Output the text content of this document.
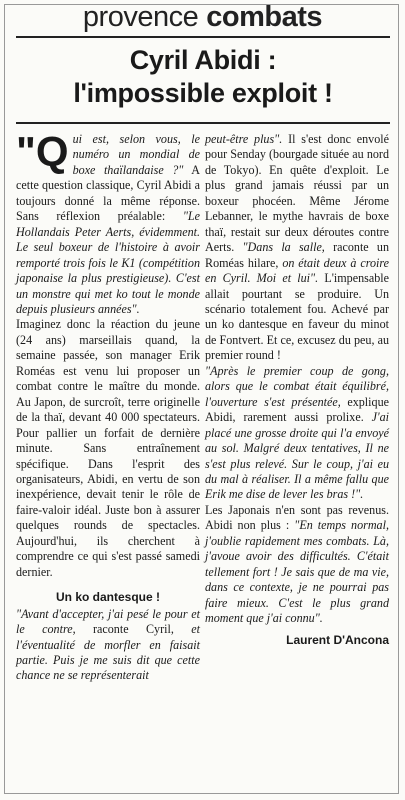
provence combats
Cyril Abidi :
l'impossible exploit !

"Qui est, selon vous, le numéro un mondial de boxe thaïlandaise ?" A cette question classique, Cyril Abidi a toujours donné la même réponse. Sans réflexion préalable: "Le Hollandais Peter Aerts, évidemment. Le seul boxeur de l'histoire à avoir remporté trois fois le K1 (compétition japonaise la plus prestigieuse). C'est un monstre qui met ko tout le monde depuis plusieurs années".

Imaginez donc la réaction du jeune (24 ans) marseillais quand, la semaine passée, son manager Erik Roméas est venu lui proposer un combat contre le maître du monde. Au Japon, de surcroît, terre originelle de la thaï, devant 40 000 spectateurs. Pour pallier un forfait de dernière minute. Sans entraînement spécifique. Dans l'esprit des organisateurs, Abidi, en vertu de son inexpérience, devait tenir le rôle de faire-valoir idéal. Juste bon à assurer quelques rounds de spectacles. Aujourd'hui, ils cherchent à comprendre ce qui s'est passé samedi dernier.

Un ko dantesque !

"Avant d'accepter, j'ai pesé le pour et le contre, raconte Cyril, et l'éventualité de morfler en faisait partie. Puis je me suis dit que cette chance ne se représenterait

peut-être plus". Il s'est donc envolé pour Senday (bourgade située au nord de Tokyo). En quête d'exploit. Le plus grand jamais réussi par un boxeur phocéen. Même Jérome Lebanner, le mythe havrais de boxe thaï, restait sur deux déroutes contre Aerts. "Dans la salle, raconte un Roméas hilare, on était deux à croire en Cyril. Moi et lui". L'impensable allait pourtant se produire. Un scénario totalement fou. Achevé par un ko dantesque en faveur du minot de Fontvert. Et ce, excusez du peu, au premier round !

"Après le premier coup de gong, alors que le combat était équilibré, l'ouverture s'est présentée, explique Abidi, rarement aussi prolixe. J'ai placé une grosse droite qui l'a envoyé au sol. Malgré deux tentatives, Il ne s'est plus relevé. Sur le coup, j'ai eu du mal à réaliser. Il a même fallu que Erik me dise de lever les bras !".

Les Japonais n'en sont pas revenus. Abidi non plus : "En temps normal, j'oublie rapidement mes combats. Là, j'avoue avoir des difficultés. C'était tellement fort ! Je sais que de ma vie, dans ce contexte, je ne pourrai pas faire mieux. C'est le plus grand moment que j'ai connu".

Laurent D'Ancona
